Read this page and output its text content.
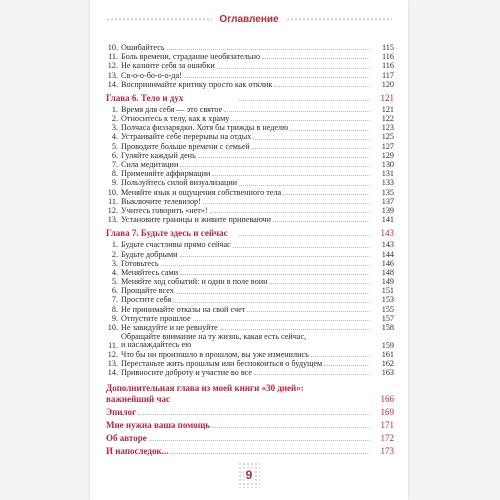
Оглавление
10. Ошибайтесь	115
11. Боль времени, страдание необязательно	116
12. Не казните себя за ошибки	116
13. Св-о-о-бо-о-о-да!	117
14. Воспринимайте критику просто как отклик	120
Глава 6. Тело и дух	121
1. Время для себя — это святое	121
2. Относитесь к телу, как к храму	122
3. Полчаса физзарядки. Хотя бы трижды в неделю	123
4. Устраивайте себе перерывы на отдых	125
5. Проводите больше времени с семьей	127
6. Гуляйте каждый день	129
7. Сила медитации	130
8. Применяйте аффирмации	131
9. Пользуйтесь силой визуализации	133
10. Меняйте язык и ощущения собственного тела	135
11. Выключите телевизор!	137
12. Учитесь говорить «нет»!	139
13. Установите границы и живите припеваючи	141
Глава 7. Будьте здесь и сейчас	143
1. Будьте счастливы прямо сейчас	143
2. Будьте добрыми	144
3. Готовьтесь	146
4. Меняйтесь сами	148
5. Меняйте ход событий: и один в поле воин	149
6. Прощайте всех	151
7. Простите себя	153
8. Не принимайте отказы на свой счет	155
9. Отпустите прошлое	157
10. Не завидуйте и не ревнуйте	158
11.
Обращайте внимание на ту жизнь, какая есть сейчас,
и наслаждайтесь ею	159
12. Что бы ни произошло в прошлом, вы уже изменились	161
13. Перестаньте жить прошлым или беспокоиться о будущем	162
14. Привносите доброту и участие во все	163
Дополнительная глава из моей книги «30 дней»:
важнейший час	166
Эпилог	169
Мне нужна ваша помощь	171
Об авторе	172
И напоследок...	173
9
